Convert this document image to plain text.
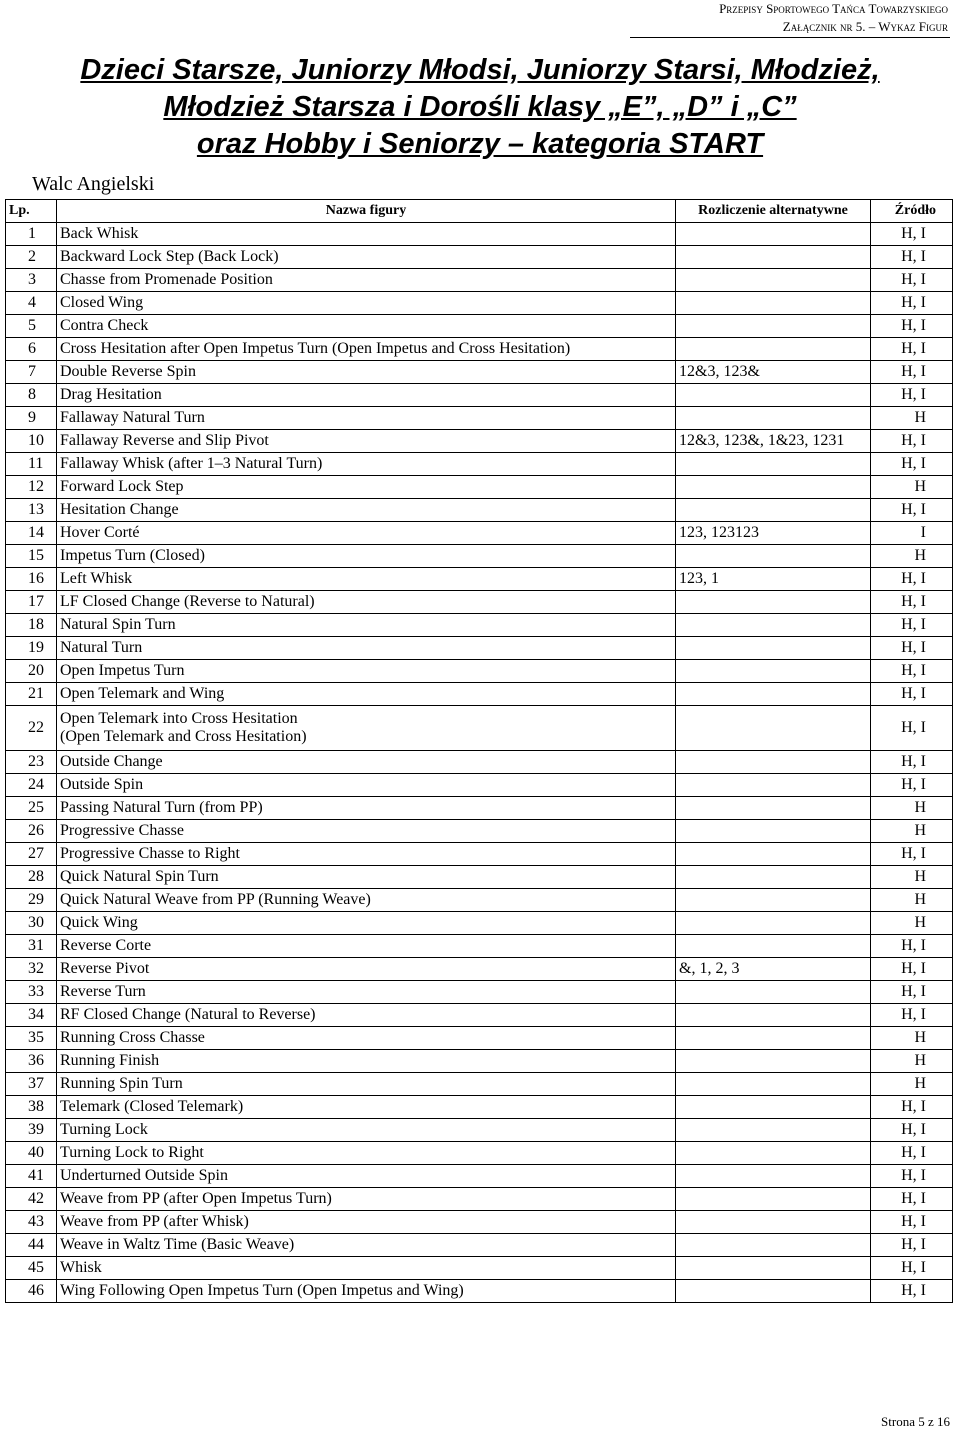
Przepisy Sportowego Tańca Towarzyskiego
Załącznik nr 5. – Wykaz Figur
Dzieci Starsze, Juniorzy Młodsi, Juniorzy Starsi, Młodzież,
Młodzież Starsza i Dorośli klasy „E”, „D” i „C”
oraz Hobby i Seniorzy – kategoria START
Walc Angielski
Lp.	Nazwa figury	Rozliczenie alternatywne	Źródło
1	Back Whisk		H, I
2	Backward Lock Step (Back Lock)		H, I
3	Chasse from Promenade Position		H, I
4	Closed Wing		H, I
5	Contra Check		H, I
6	Cross Hesitation after Open Impetus Turn (Open Impetus and Cross Hesitation)		H, I
7	Double Reverse Spin	12&3, 123&	H, I
8	Drag Hesitation		H, I
9	Fallaway Natural Turn		H
10	Fallaway Reverse and Slip Pivot	12&3, 123&, 1&23, 1231	H, I
11	Fallaway Whisk (after 1–3 Natural Turn)		H, I
12	Forward Lock Step		H
13	Hesitation Change		H, I
14	Hover Corté	123, 123123	I
15	Impetus Turn (Closed)		H
16	Left Whisk	123, 1	H, I
17	LF Closed Change (Reverse to Natural)		H, I
18	Natural Spin Turn		H, I
19	Natural Turn		H, I
20	Open Impetus Turn		H, I
21	Open Telemark and Wing		H, I
22	Open Telemark into Cross Hesitation
(Open Telemark and Cross Hesitation)		H, I
23	Outside Change		H, I
24	Outside Spin		H, I
25	Passing Natural Turn (from PP)		H
26	Progressive Chasse		H
27	Progressive Chasse to Right		H, I
28	Quick Natural Spin Turn		H
29	Quick Natural Weave from PP (Running Weave)		H
30	Quick Wing		H
31	Reverse Corte		H, I
32	Reverse Pivot	&, 1, 2, 3	H, I
33	Reverse Turn		H, I
34	RF Closed Change (Natural to Reverse)		H, I
35	Running Cross Chasse		H
36	Running Finish		H
37	Running Spin Turn		H
38	Telemark (Closed Telemark)		H, I
39	Turning Lock		H, I
40	Turning Lock to Right		H, I
41	Underturned Outside Spin		H, I
42	Weave from PP (after Open Impetus Turn)		H, I
43	Weave from PP (after Whisk)		H, I
44	Weave in Waltz Time (Basic Weave)		H, I
45	Whisk		H, I
46	Wing Following Open Impetus Turn (Open Impetus and Wing)		H, I
Strona 5 z 16
